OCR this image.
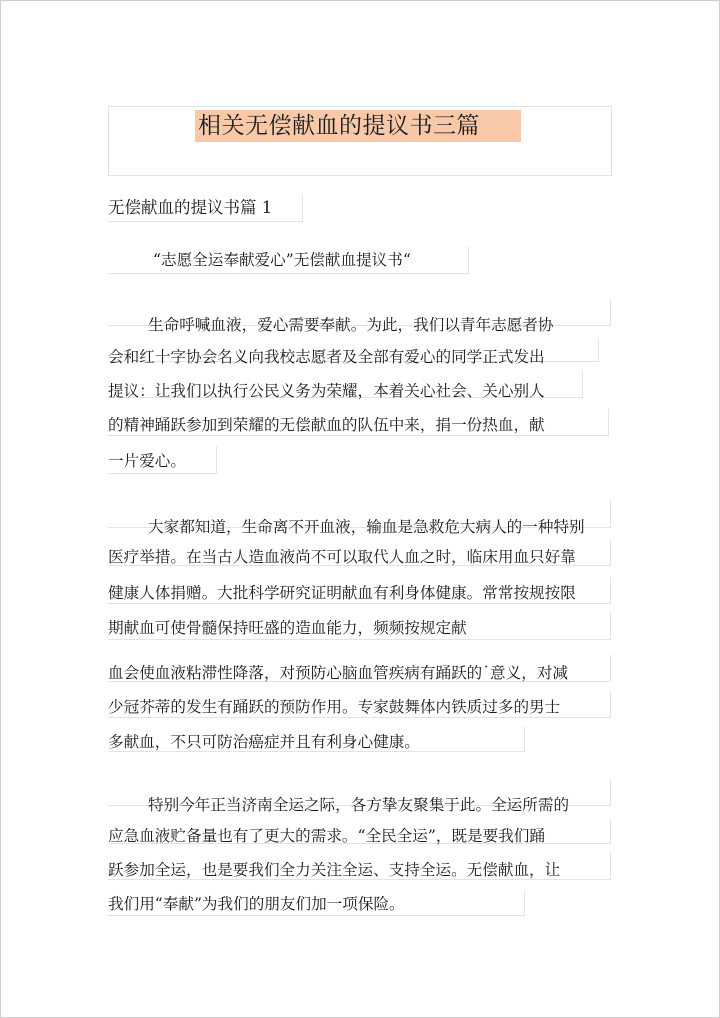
相关无偿献血的提议书三篇
无偿献血的提议书篇 1
“志愿全运奉献爱心”无偿献血提议书“
生命呼喊血液，爱心需要奉献。为此，我们以青年志愿者协
会和红十字协会名义向我校志愿者及全部有爱心的同学正式发出
提议：让我们以执行公民义务为荣耀，本着关心社会、关心别人
的精神踊跃参加到荣耀的无偿献血的队伍中来，捐一份热血，献
一片爱心。
大家都知道，生命离不开血液，输血是急救危大病人的一种特别
医疗举措。在当古人造血液尚不可以取代人血之时，临床用血只好靠
健康人体捐赠。大批科学研究证明献血有利身体健康。常常按规按限
期献血可使骨髓保持旺盛的造血能力，频频按规定献
血会使血液粘滞性降落，对预防心脑血管疾病有踊跃的˙意义，对减
少冠芥蒂的发生有踊跃的预防作用。专家鼓舞体内铁质过多的男士
多献血，不只可防治癌症并且有利身心健康。
特别今年正当济南全运之际，各方挚友聚集于此。全运所需的
应急血液贮备量也有了更大的需求。“全民全运”，既是要我们踊
跃参加全运，也是要我们全力关注全运、支持全运。无偿献血，让
我们用“奉献”为我们的朋友们加一项保险。
